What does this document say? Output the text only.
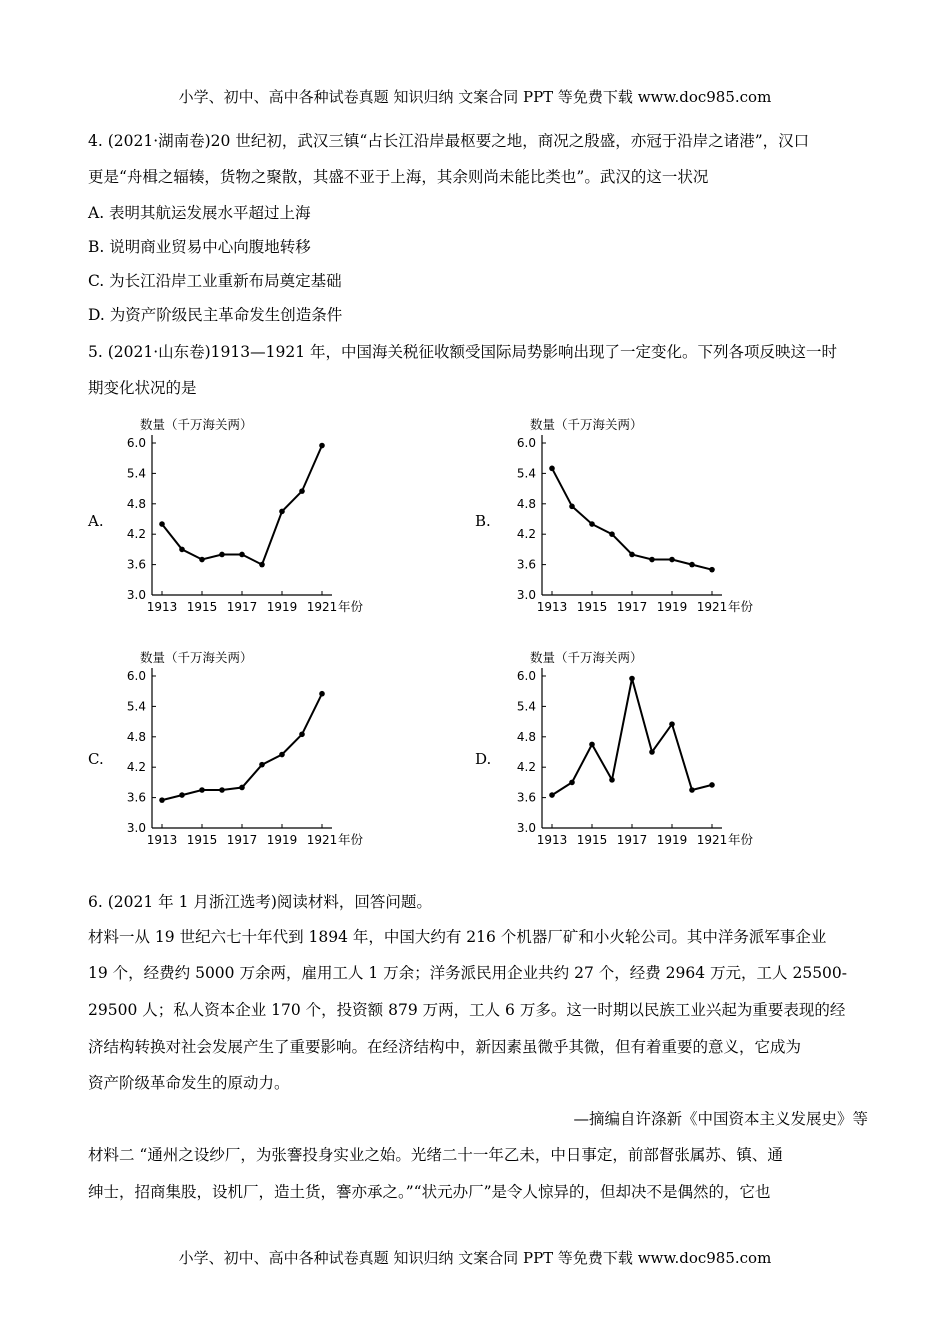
小学、初中、高中各种试卷真题 知识归纳 文案合同 PPT 等免费下载 www.doc985.com
4. (2021·湖南卷)20 世纪初，武汉三镇“占长江沿岸最枢要之地，商况之殷盛，亦冠于沿岸之诸港”，汉口
更是“舟楫之辐辏，货物之聚散，其盛不亚于上海，其余则尚未能比类也”。武汉的这一状况
A. 表明其航运发展水平超过上海
B. 说明商业贸易中心向腹地转移
C. 为长江沿岸工业重新布局奠定基础
D. 为资产阶级民主革命发生创造条件
5. (2021·山东卷)1913—1921 年，中国海关税征收额受国际局势影响出现了一定变化。下列各项反映这一时
期变化状况的是
A.	B.
C.	D.
数量（千万海关两）
年份
6.0
5.4
4.8
4.2
3.6
3.0
1913 1915 1917 1919 1921
数量（千万海关两）
年份
6.0
5.4
4.8
4.2
3.6
3.0
1913 1915 1917 1919 1921
数量（千万海关两）
年份
6.0
5.4
4.8
4.2
3.6
3.0
1913 1915 1917 1919 1921
数量（千万海关两）
年份
6.0
5.4
4.8
4.2
3.6
3.0
1913 1915 1917 1919 1921
6. (2021 年 1 月浙江选考)阅读材料，回答问题。
材料一从 19 世纪六七十年代到 1894 年，中国大约有 216 个机器厂矿和小火轮公司。其中洋务派军事企业
19 个，经费约 5000 万余两，雇用工人 1 万余；洋务派民用企业共约 27 个，经费 2964 万元，工人 25500-
29500 人；私人资本企业 170 个，投资额 879 万两，工人 6 万多。这一时期以民族工业兴起为重要表现的经
济结构转换对社会发展产生了重要影响。在经济结构中，新因素虽微乎其微，但有着重要的意义，它成为
资产阶级革命发生的原动力。
—摘编自许涤新《中国资本主义发展史》等
材料二 “通州之设纱厂，为张謇投身实业之始。光绪二十一年乙未，中日事定，前部督张属苏、镇、通
绅士，招商集股，设机厂，造土货，謇亦承之。”“状元办厂”是令人惊异的，但却决不是偶然的，它也
小学、初中、高中各种试卷真题 知识归纳 文案合同 PPT 等免费下载 www.doc985.com
